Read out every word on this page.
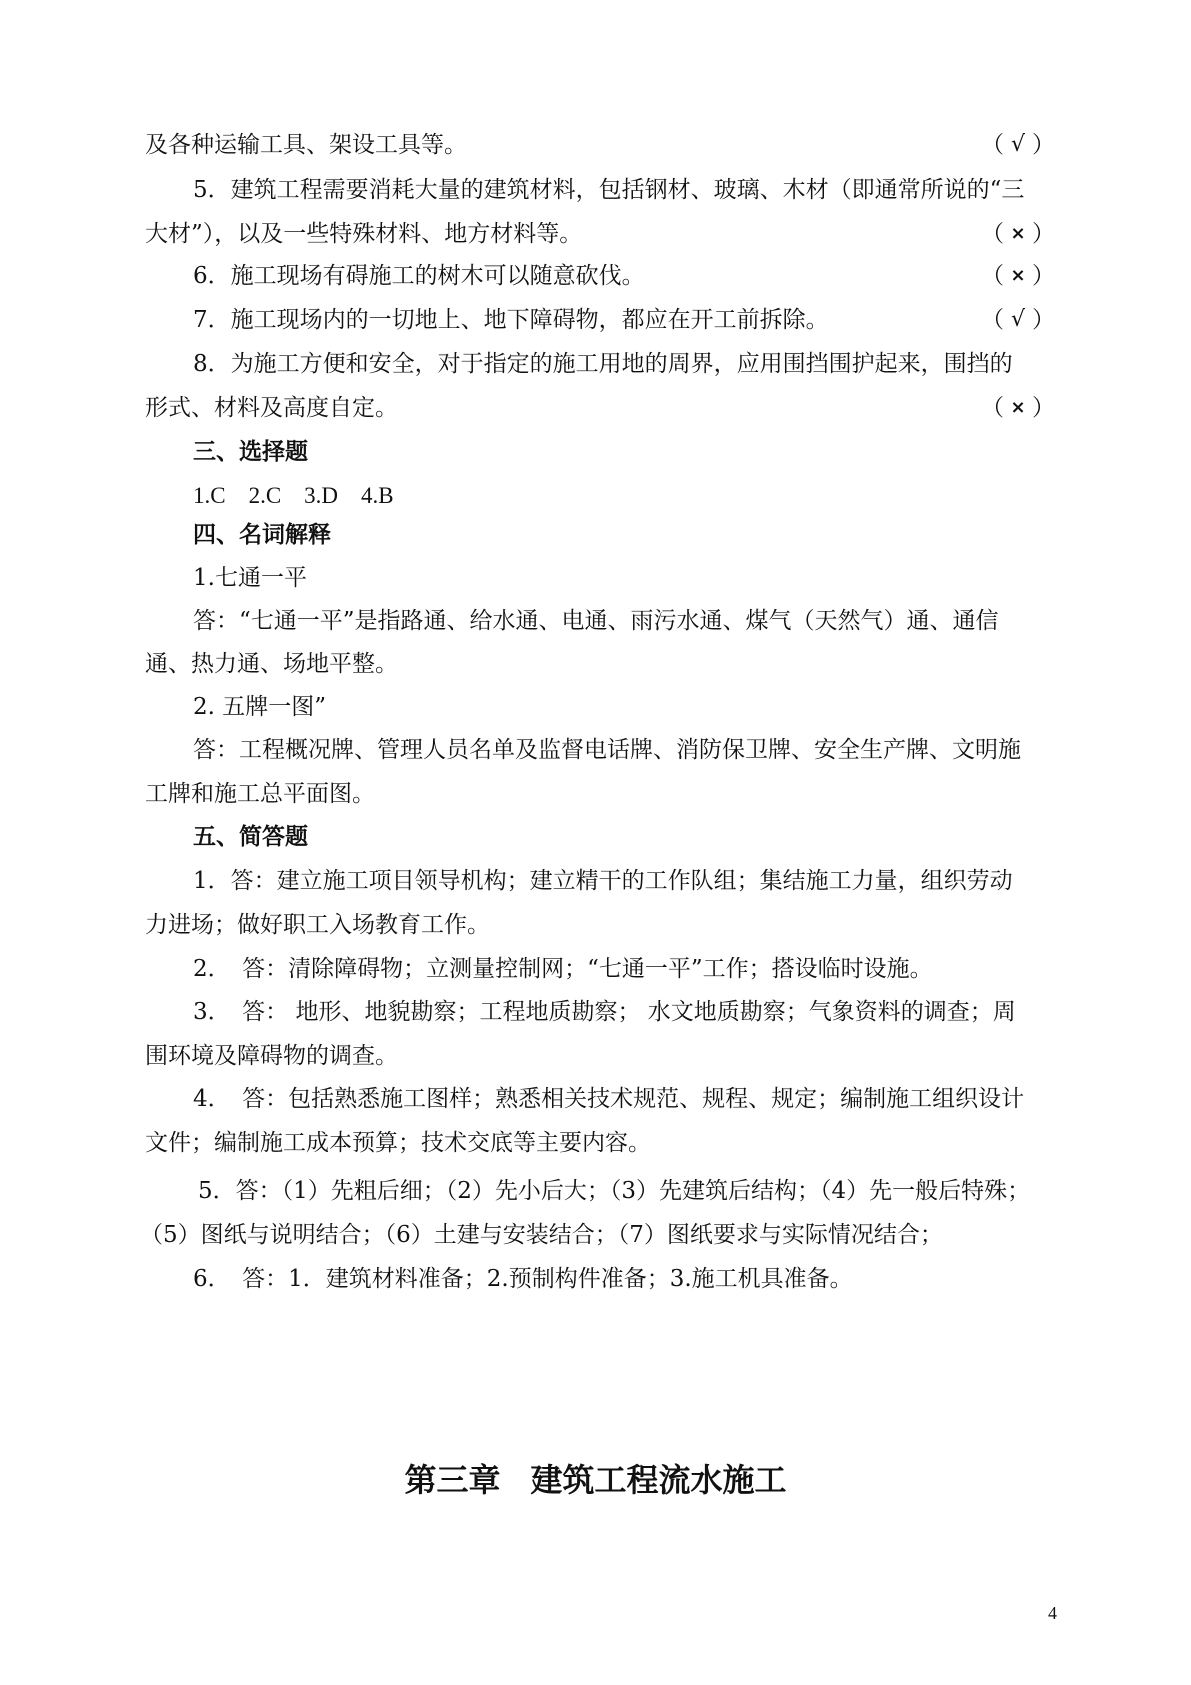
及各种运输工具、架设工具等。	（ √ ）
5．建筑工程需要消耗大量的建筑材料，包括钢材、玻璃、木材（即通常所说的“三
大材”），以及一些特殊材料、地方材料等。	（ × ）
6．施工现场有碍施工的树木可以随意砍伐。	（ × ）
7．施工现场内的一切地上、地下障碍物，都应在开工前拆除。	（ √ ）
8．为施工方便和安全，对于指定的施工用地的周界，应用围挡围护起来，围挡的
形式、材料及高度自定。	（ × ）
三、选择题
1.C　2.C　3.D　4.B
四、名词解释
1.七通一平
答：“七通一平”是指路通、给水通、电通、雨污水通、煤气（天然气）通、通信
通、热力通、场地平整。
2. 五牌一图”
答：工程概况牌、管理人员名单及监督电话牌、消防保卫牌、安全生产牌、文明施
工牌和施工总平面图。
五、简答题
1．答：建立施工项目领导机构；建立精干的工作队组；集结施工力量，组织劳动
力进场；做好职工入场教育工作。
2．　答：清除障碍物；立测量控制网；“七通一平”工作；搭设临时设施。
3．　答： 地形、地貌勘察；工程地质勘察； 水文地质勘察；气象资料的调查；周
围环境及障碍物的调查。
4．　答：包括熟悉施工图样；熟悉相关技术规范、规程、规定；编制施工组织设计
文件；编制施工成本预算；技术交底等主要内容。
5．答：（1）先粗后细；（2）先小后大；（3）先建筑后结构；（4）先一般后特殊；
（5）图纸与说明结合；（6）土建与安装结合；（7）图纸要求与实际情况结合；
6．　答：1．建筑材料准备；2.预制构件准备；3.施工机具准备。
第三章 建筑工程流水施工
4
